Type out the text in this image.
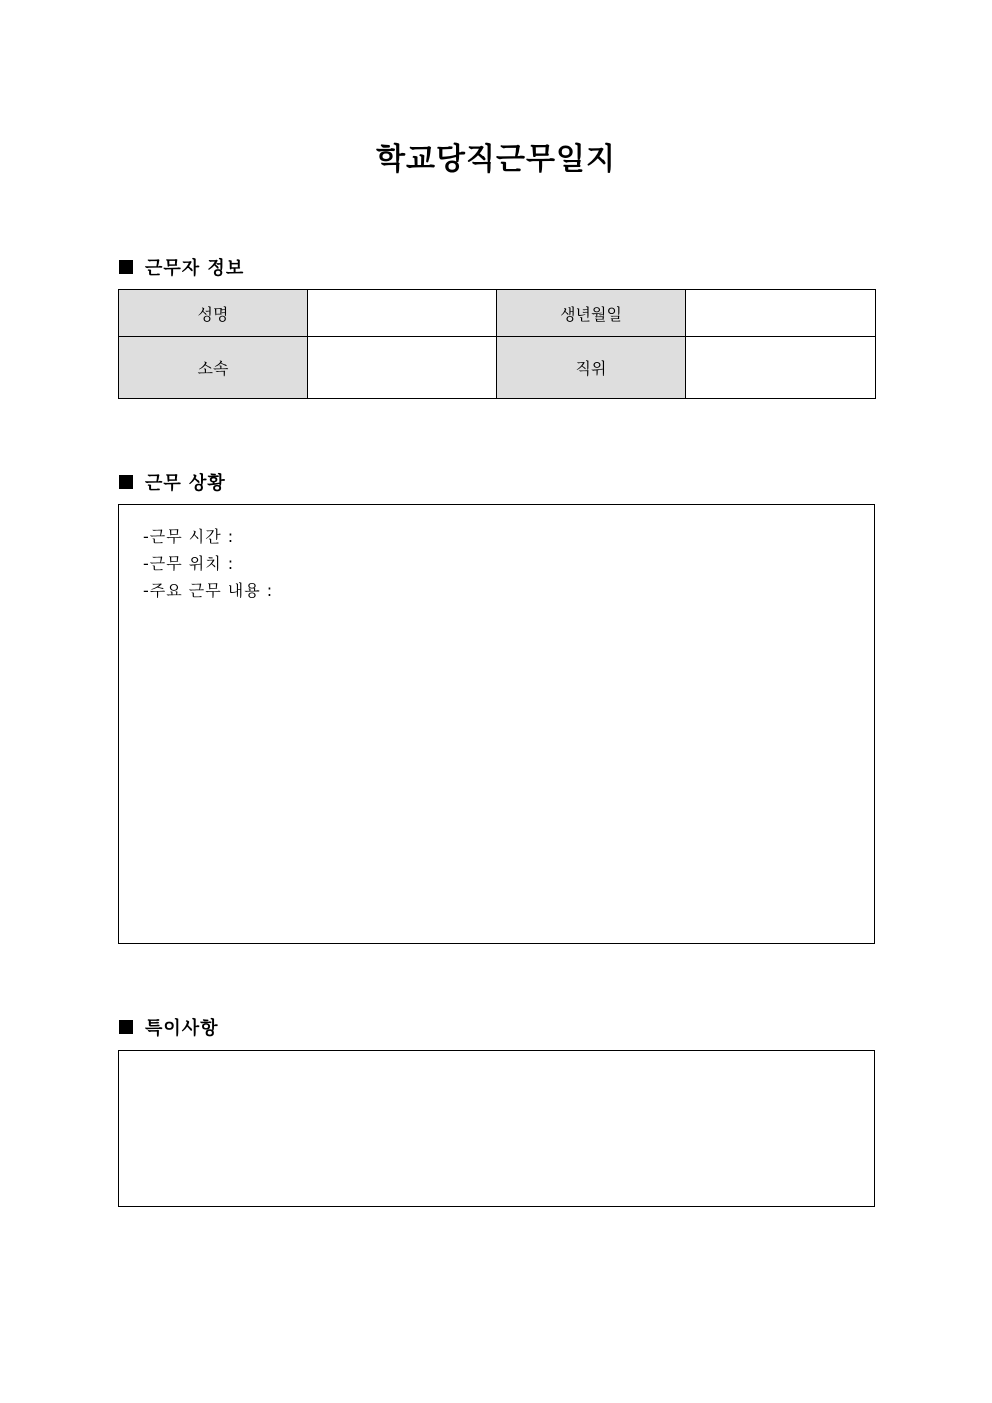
학교당직근무일지
근무자 정보
성명		생년월일	
소속		직위	
근무 상황
-근무 시간 :
-근무 위치 :
-주요 근무 내용 :
특이사항
